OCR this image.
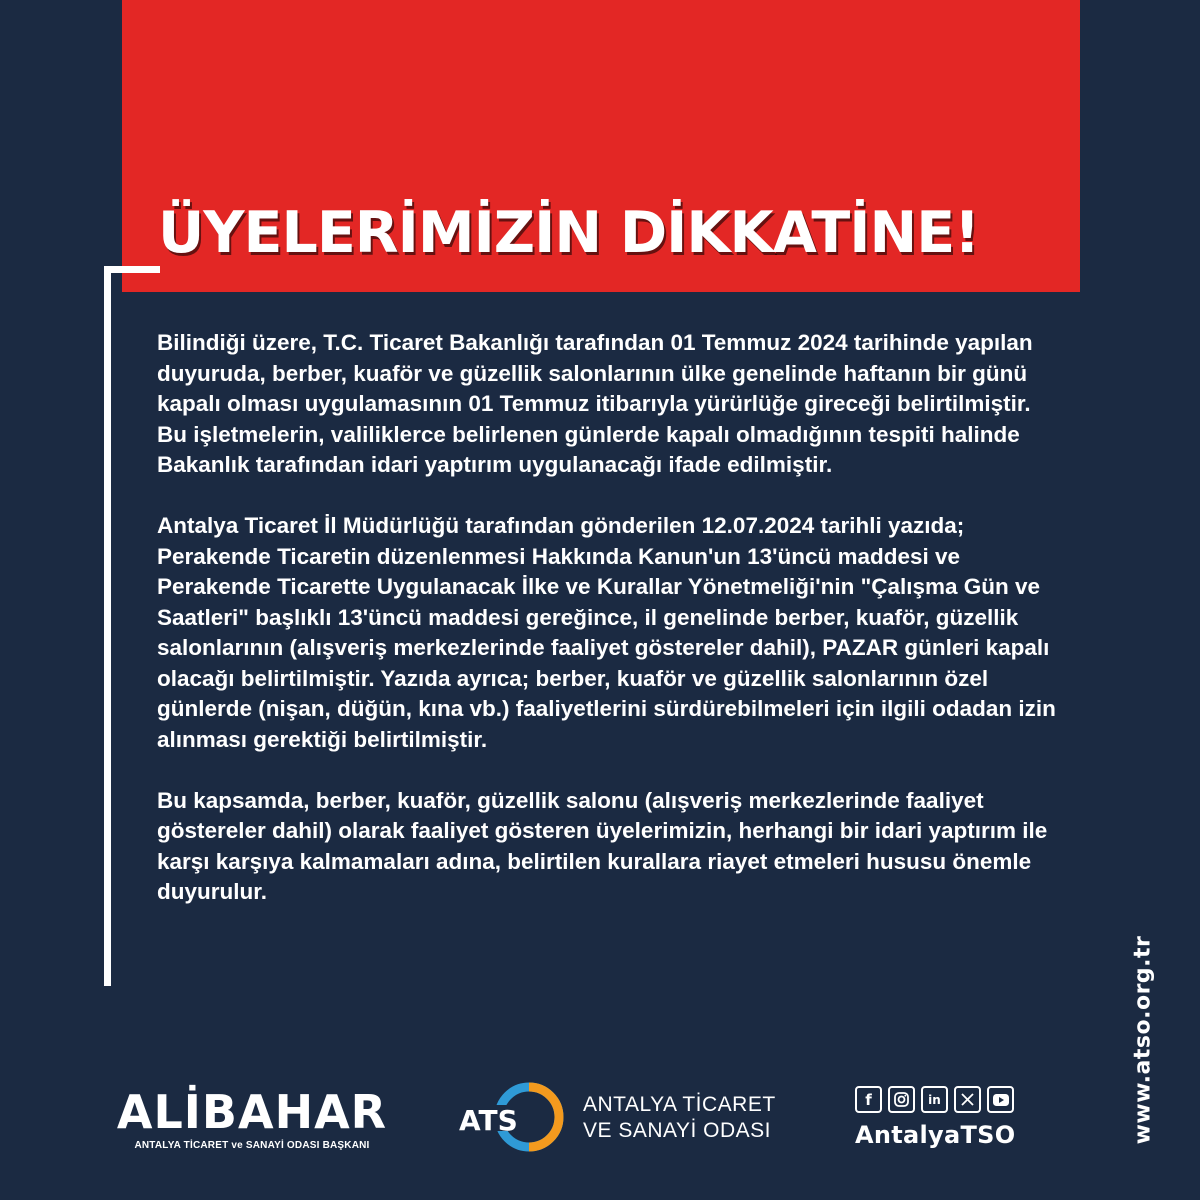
ÜYELERİMİZİN DİKKATİNE!

Bilindiği üzere, T.C. Ticaret Bakanlığı tarafından 01 Temmuz 2024 tarihinde yapılan duyuruda, berber, kuaför ve güzellik salonlarının ülke genelinde haftanın bir günü kapalı olması uygulamasının 01 Temmuz itibarıyla yürürlüğe gireceği belirtilmiştir. Bu işletmelerin, valiliklerce belirlenen günlerde kapalı olmadığının tespiti halinde Bakanlık tarafından idari yaptırım uygulanacağı ifade edilmiştir.

Antalya Ticaret İl Müdürlüğü tarafından gönderilen 12.07.2024 tarihli yazıda; Perakende Ticaretin düzenlenmesi Hakkında Kanun'un 13'üncü maddesi ve Perakende Ticarette Uygulanacak İlke ve Kurallar Yönetmeliği'nin "Çalışma Gün ve Saatleri" başlıklı 13'üncü maddesi gereğince, il genelinde berber, kuaför, güzellik salonlarının (alışveriş merkezlerinde faaliyet göstereler dahil), PAZAR günleri kapalı olacağı belirtilmiştir. Yazıda ayrıca; berber, kuaför ve güzellik salonlarının özel günlerde (nişan, düğün, kına vb.) faaliyetlerini sürdürebilmeleri için ilgili odadan izin alınması gerektiği belirtilmiştir.

Bu kapsamda, berber, kuaför, güzellik salonu (alışveriş merkezlerinde faaliyet göstereler dahil) olarak faaliyet gösteren üyelerimizin, herhangi bir idari yaptırım ile karşı karşıya kalmamaları adına, belirtilen kurallara riayet etmeleri hususu önemle duyurulur.

ALİBAHAR
ANTALYA TİCARET ve SANAYİ ODASI BAŞKANI
ATS	ANTALYA TİCARET
VE SANAYİ ODASI
f	in
AntalyaTSO	www.atso.org.tr
